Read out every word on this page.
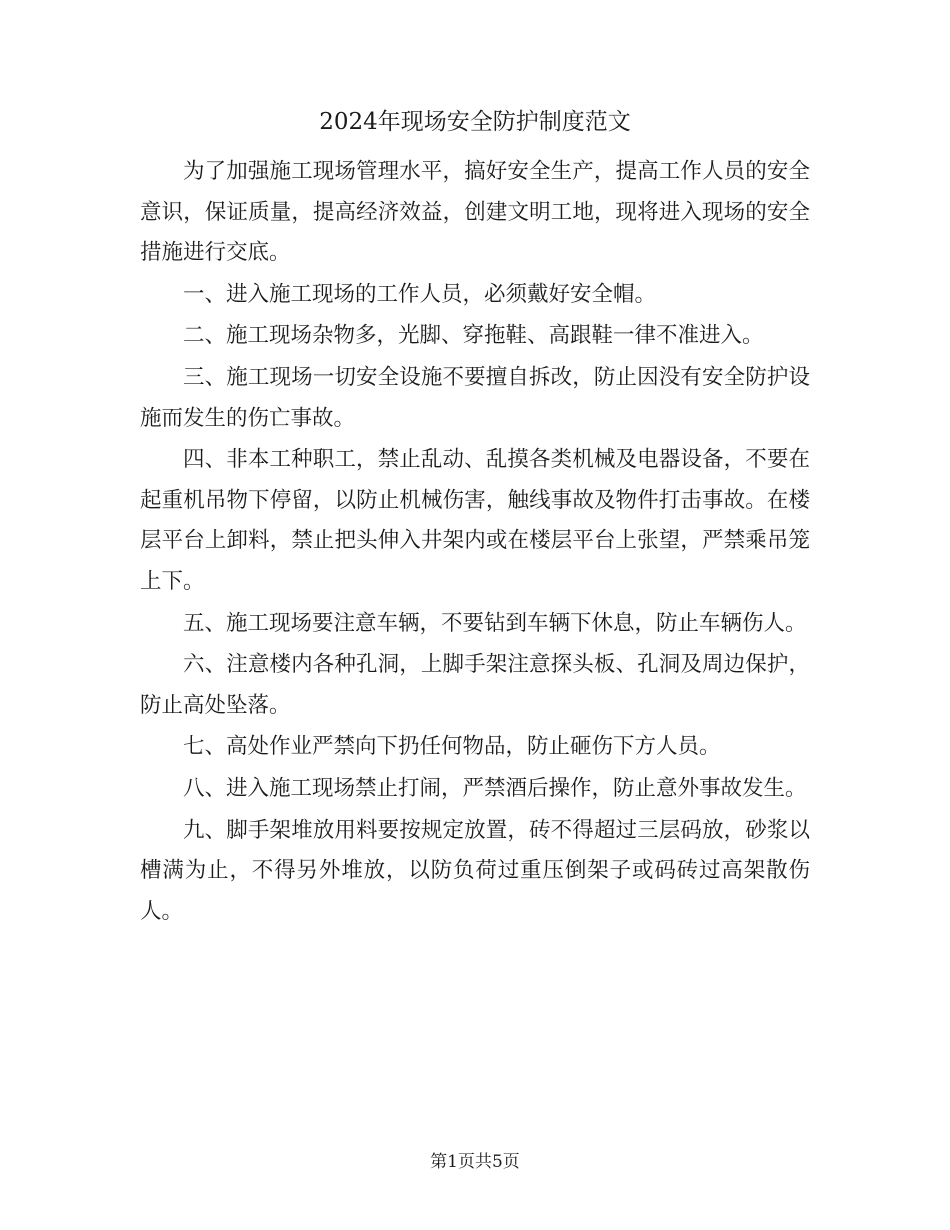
2024年现场安全防护制度范文

为了加强施工现场管理水平，搞好安全生产，提高工作人员的安全意识，保证质量，提高经济效益，创建文明工地，现将进入现场的安全措施进行交底。

一、进入施工现场的工作人员，必须戴好安全帽。

二、施工现场杂物多，光脚、穿拖鞋、高跟鞋一律不准进入。

三、施工现场一切安全设施不要擅自拆改，防止因没有安全防护设施而发生的伤亡事故。

四、非本工种职工，禁止乱动、乱摸各类机械及电器设备，不要在起重机吊物下停留，以防止机械伤害，触线事故及物件打击事故。在楼层平台上卸料，禁止把头伸入井架内或在楼层平台上张望，严禁乘吊笼上下。

五、施工现场要注意车辆，不要钻到车辆下休息，防止车辆伤人。

六、注意楼内各种孔洞，上脚手架注意探头板、孔洞及周边保护，防止高处坠落。

七、高处作业严禁向下扔任何物品，防止砸伤下方人员。

八、进入施工现场禁止打闹，严禁酒后操作，防止意外事故发生。

九、脚手架堆放用料要按规定放置，砖不得超过三层码放，砂浆以槽满为止，不得另外堆放，以防负荷过重压倒架子或码砖过高架散伤人。

第1页共5页
